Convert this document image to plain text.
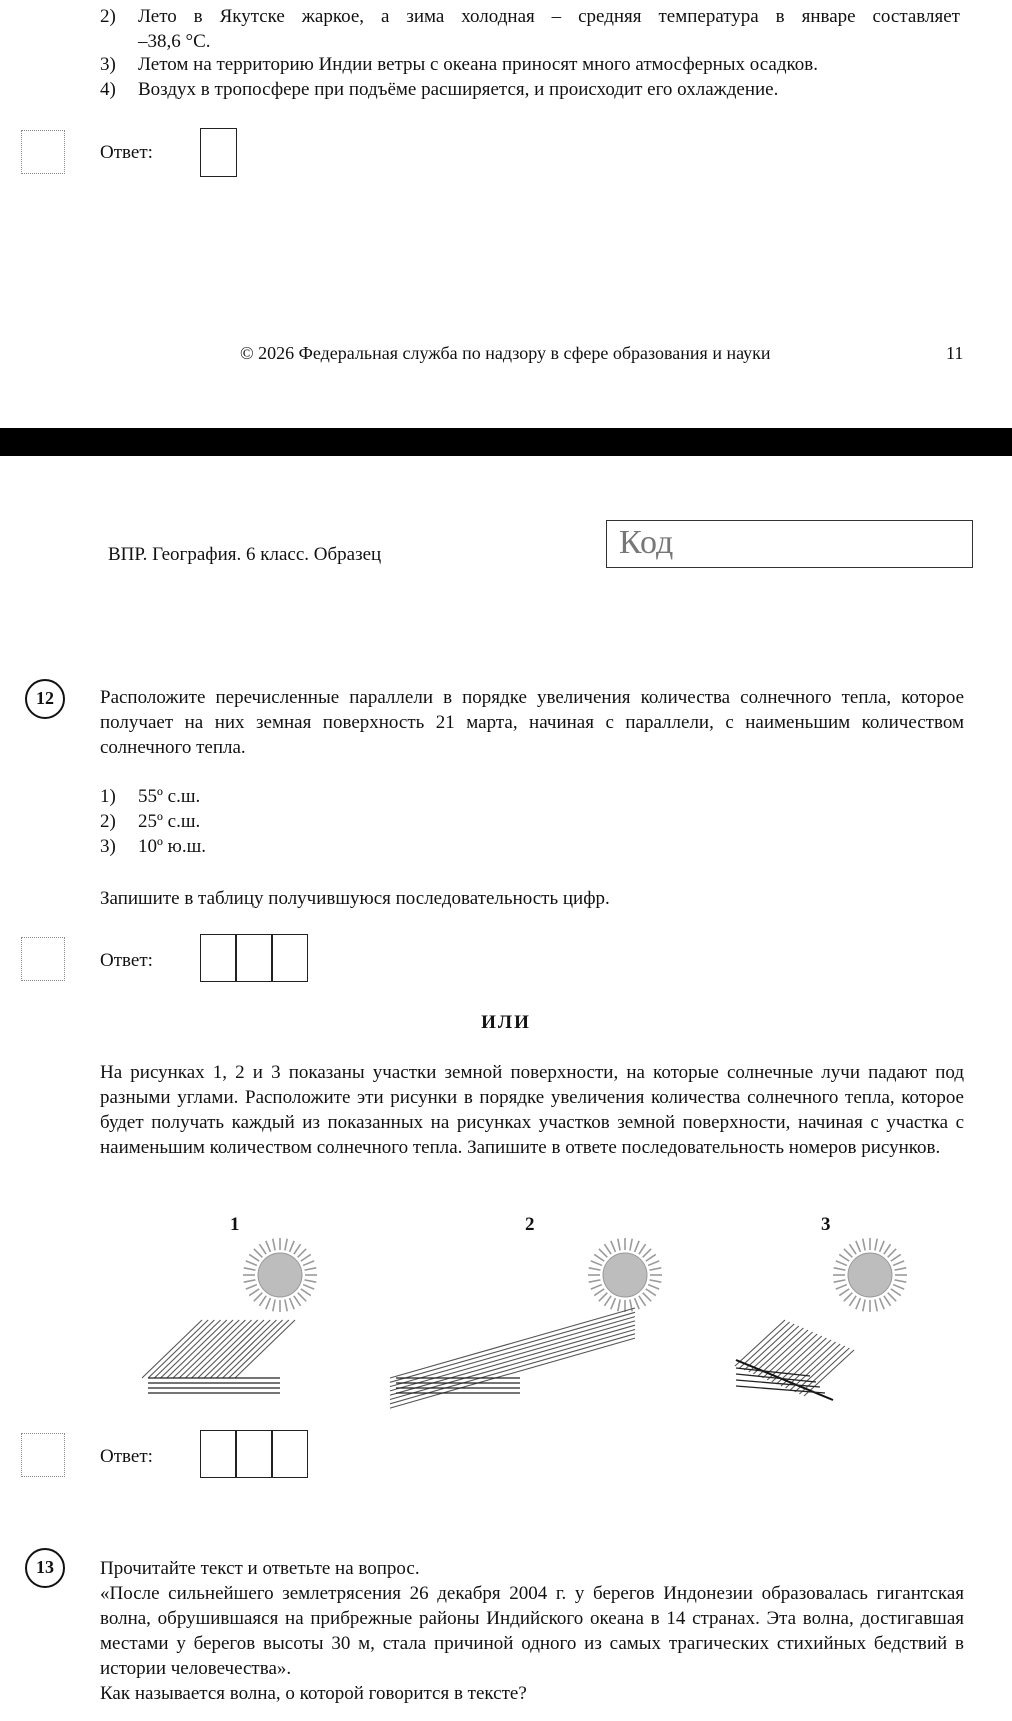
2) Лето в Якутске жаркое, а зима холодная – средняя температура в январе составляет
–38,6 °С.
3) Летом на территорию Индии ветры с океана приносят много атмосферных осадков.
4) Воздух в тропосфере при подъёме расширяется, и происходит его охлаждение.
Ответ:
© 2026 Федеральная служба по надзору в сфере образования и науки	11
ВПР. География. 6 класс. Образец	Код
12	Расположите перечисленные параллели в порядке увеличения количества солнечного тепла, которое получает на них земная поверхность 21 марта, начиная с параллели, с наименьшим количеством солнечного тепла.
1) 55º с.ш.
2) 25º с.ш.
3) 10º ю.ш.
Запишите в таблицу получившуюся последовательность цифр.
Ответ:
ИЛИ
На рисунках 1, 2 и 3 показаны участки земной поверхности, на которые солнечные лучи падают под разными углами. Расположите эти рисунки в порядке увеличения количества солнечного тепла, которое будет получать каждый из показанных на рисунках участков земной поверхности, начиная с участка с наименьшим количеством солнечного тепла. Запишите в ответе последовательность номеров рисунков.
1	2	3
Ответ:
13	Прочитайте текст и ответьте на вопрос.
«После сильнейшего землетрясения 26 декабря 2004 г. у берегов Индонезии образовалась гигантская волна, обрушившаяся на прибрежные районы Индийского океана в 14 странах. Эта волна, достигавшая местами у берегов высоты 30 м, стала причиной одного из самых трагических стихийных бедствий в истории человечества».
Как называется волна, о которой говорится в тексте?
